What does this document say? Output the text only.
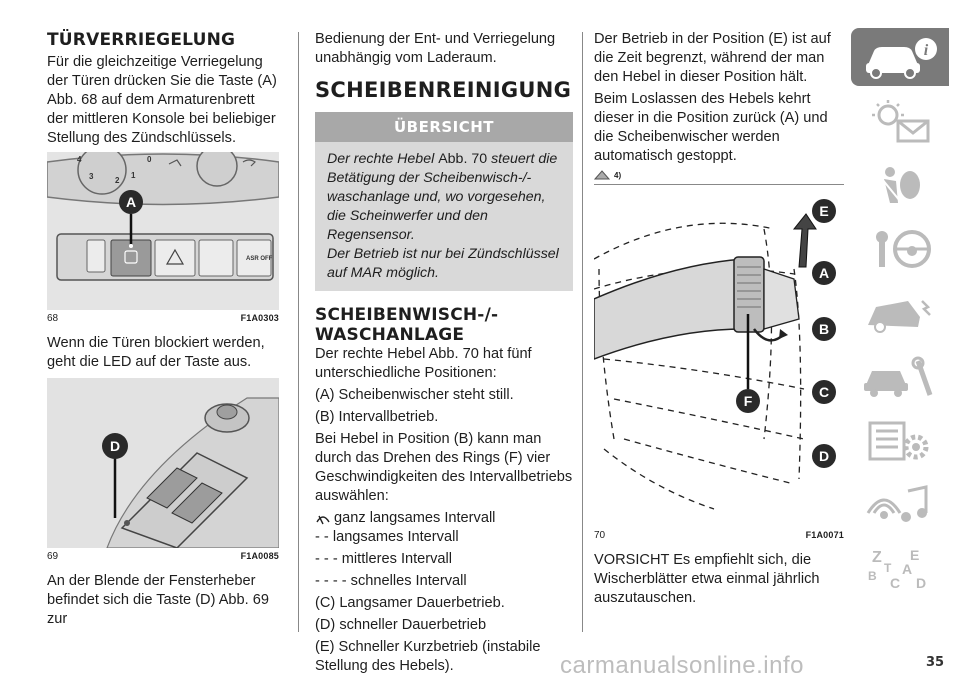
TÜRVERRIEGELUNG

Für die gleichzeitige Verriegelung der Türen drücken Sie die Taste (A) Abb. 68 auf dem Armaturenbrett der mittleren Konsole bei beliebiger Stellung des Zündschlüssels.

4
3	2
1
0
ASR OFF
A
68	F1A0303

Wenn die Türen blockiert werden, geht die LED auf der Taste aus.

D
69	F1A0085

An der Blende der Fensterheber befindet sich die Taste (D) Abb. 69 zur

Bedienung der Ent- und Verriegelung unabhängig vom Laderaum.

SCHEIBENREINIGUNG
ÜBERSICHT
Der rechte Hebel Abb. 70 steuert die Betätigung der Scheibenwisch-/-waschanlage und, wo vorgesehen, die Scheinwerfer und den Regensensor.
Der Betrieb ist nur bei Zündschlüssel auf MAR möglich.
SCHEIBENWISCH-/-WASCHANLAGE

Der rechte Hebel Abb. 70 hat fünf unterschiedliche Positionen:

(A) Scheibenwischer steht still.

(B) Intervallbetrieb.

Bei Hebel in Position (B) kann man durch das Drehen des Rings (F) vier Geschwindigkeiten des Intervallbetriebs auswählen:

ganz langsames Intervall

- - langsames Intervall

- - - mittleres Intervall

- - - - schnelles Intervall

(C) Langsamer Dauerbetrieb.

(D) schneller Dauerbetrieb

(E) Schneller Kurzbetrieb (instabile Stellung des Hebels).

Der Betrieb in der Position (E) ist auf die Zeit begrenzt, während der man den Hebel in dieser Position hält.

Beim Loslassen des Hebels kehrt dieser in die Position zurück (A) und die Scheibenwischer werden automatisch gestoppt.

4)
E
A
B
C
D
F
70	F1A0071

VORSICHT Es empfiehlt sich, die Wischerblätter etwa einmal jährlich auszutauschen.

i
Z E
A
B C D
T
carmanualsonline.info	35
